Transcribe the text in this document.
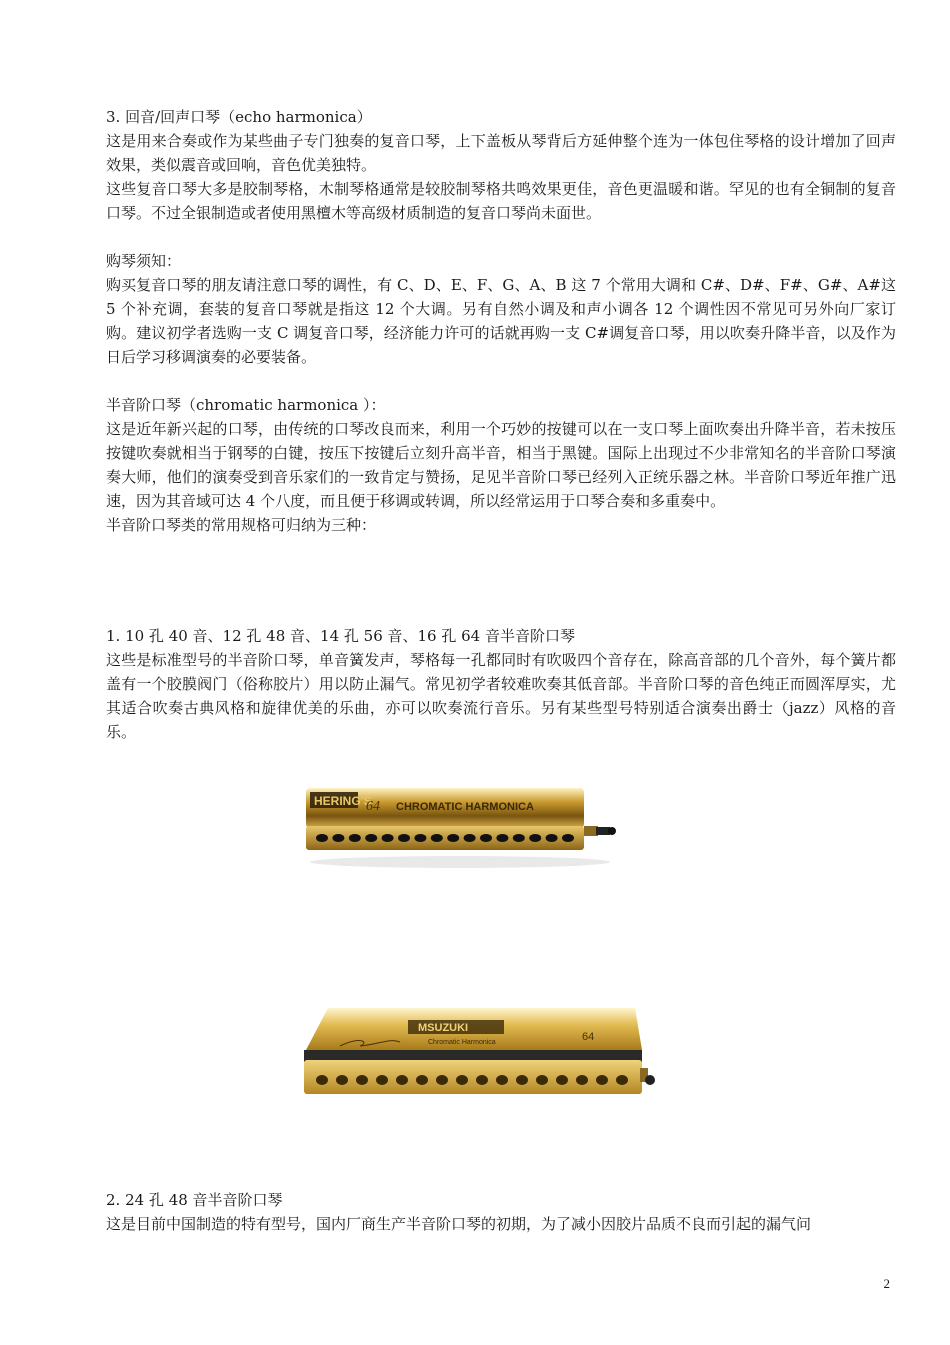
3. 回音/回声口琴（echo harmonica）

这是用来合奏或作为某些曲子专门独奏的复音口琴，上下盖板从琴背后方延伸整个连为一体包住琴格的设计增加了回声效果，类似震音或回响，音色优美独特。

这些复音口琴大多是胶制琴格，木制琴格通常是较胶制琴格共鸣效果更佳，音色更温暖和谐。罕见的也有全铜制的复音口琴。不过全银制造或者使用黑檀木等高级材质制造的复音口琴尚未面世。

购琴须知：

购买复音口琴的朋友请注意口琴的调性，有 C、D、E、F、G、A、B 这 7 个常用大调和 C#、D#、F#、G#、A#这 5 个补充调，套装的复音口琴就是指这 12 个大调。另有自然小调及和声小调各 12 个调性因不常见可另外向厂家订购。建议初学者选购一支 C 调复音口琴，经济能力许可的话就再购一支 C#调复音口琴，用以吹奏升降半音，以及作为日后学习移调演奏的必要装备。

半音阶口琴（chromatic harmonica ）：

这是近年新兴起的口琴，由传统的口琴改良而来，利用一个巧妙的按键可以在一支口琴上面吹奏出升降半音，若未按压按键吹奏就相当于钢琴的白键，按压下按键后立刻升高半音，相当于黑键。国际上出现过不少非常知名的半音阶口琴演奏大师，他们的演奏受到音乐家们的一致肯定与赞扬，足见半音阶口琴已经列入正统乐器之林。半音阶口琴近年推广迅速，因为其音域可达 4 个八度，而且便于移调或转调，所以经常运用于口琴合奏和多重奏中。

半音阶口琴类的常用规格可归纳为三种：

1. 10 孔 40 音、12 孔 48 音、14 孔 56 音、16 孔 64 音半音阶口琴

这些是标准型号的半音阶口琴，单音簧发声，琴格每一孔都同时有吹吸四个音存在，除高音部的几个音外，每个簧片都盖有一个胶膜阀门（俗称胶片）用以防止漏气。常见初学者较难吹奏其低音部。半音阶口琴的音色纯正而圆浑厚实，尤其适合吹奏古典风格和旋律优美的乐曲，亦可以吹奏流行音乐。另有某些型号特别适合演奏出爵士（jazz）风格的音乐。

HERING'S CHROMATIC HARMONICA
64
MSUZUKI
Chromatic Harmonica	64

2. 24 孔 48 音半音阶口琴

这是目前中国制造的特有型号，国内厂商生产半音阶口琴的初期，为了减小因胶片品质不良而引起的漏气问

2
